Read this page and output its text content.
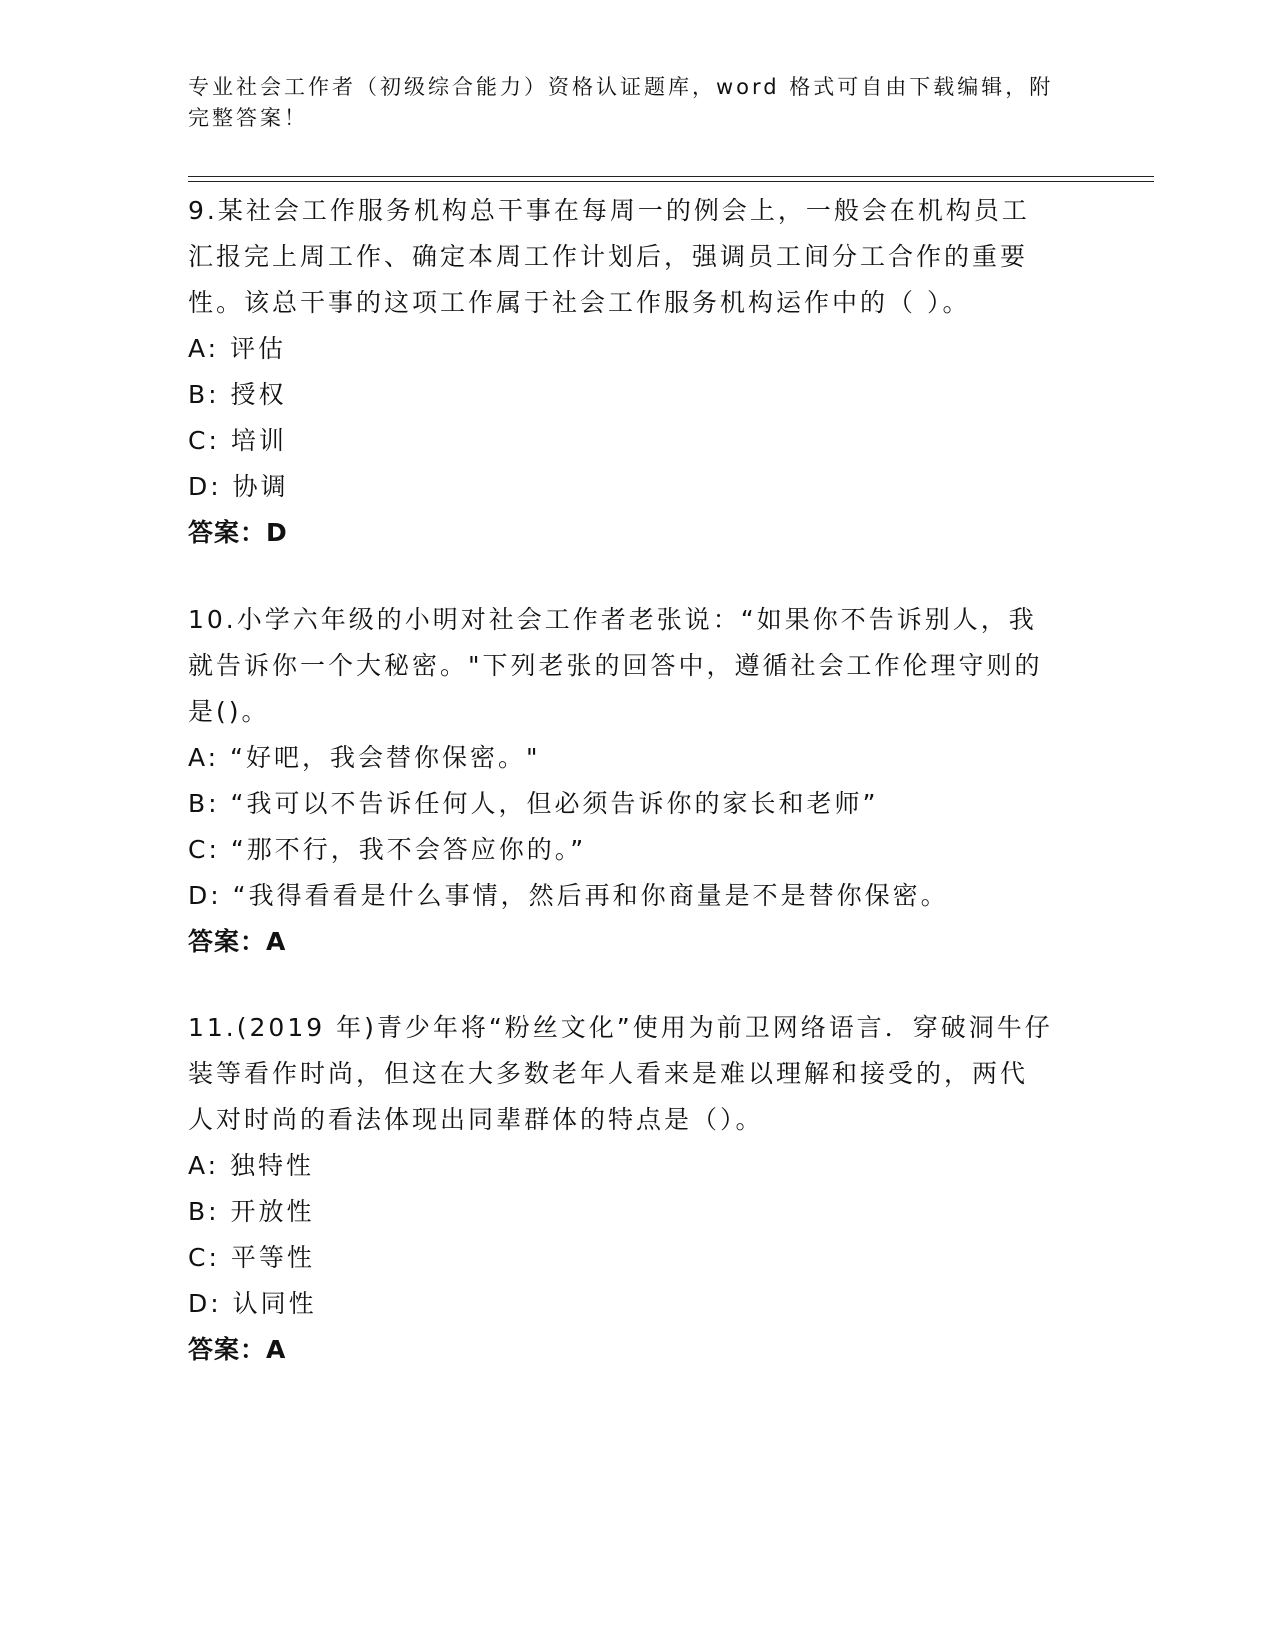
专业社会工作者（初级综合能力）资格认证题库，word 格式可自由下载编辑，附
完整答案！

9.某社会工作服务机构总干事在每周一的例会上，一般会在机构员工
汇报完上周工作、确定本周工作计划后，强调员工间分工合作的重要
性。该总干事的这项工作属于社会工作服务机构运作中的（ ）。

A: 评估

B: 授权

C: 培训

D: 协调

答案：D

10.小学六年级的小明对社会工作者老张说：“如果你不告诉别人，我
就告诉你一个大秘密。"下列老张的回答中，遵循社会工作伦理守则的
是()。

A: “好吧，我会替你保密。"

B: “我可以不告诉任何人，但必须告诉你的家长和老师”

C: “那不行，我不会答应你的。”

D: “我得看看是什么事情，然后再和你商量是不是替你保密。

答案：A

11.(2019 年)青少年将“粉丝文化”使用为前卫网络语言．穿破洞牛仔
装等看作时尚，但这在大多数老年人看来是难以理解和接受的，两代
人对时尚的看法体现出同辈群体的特点是（）。

A: 独特性

B: 开放性

C: 平等性

D: 认同性

答案：A
